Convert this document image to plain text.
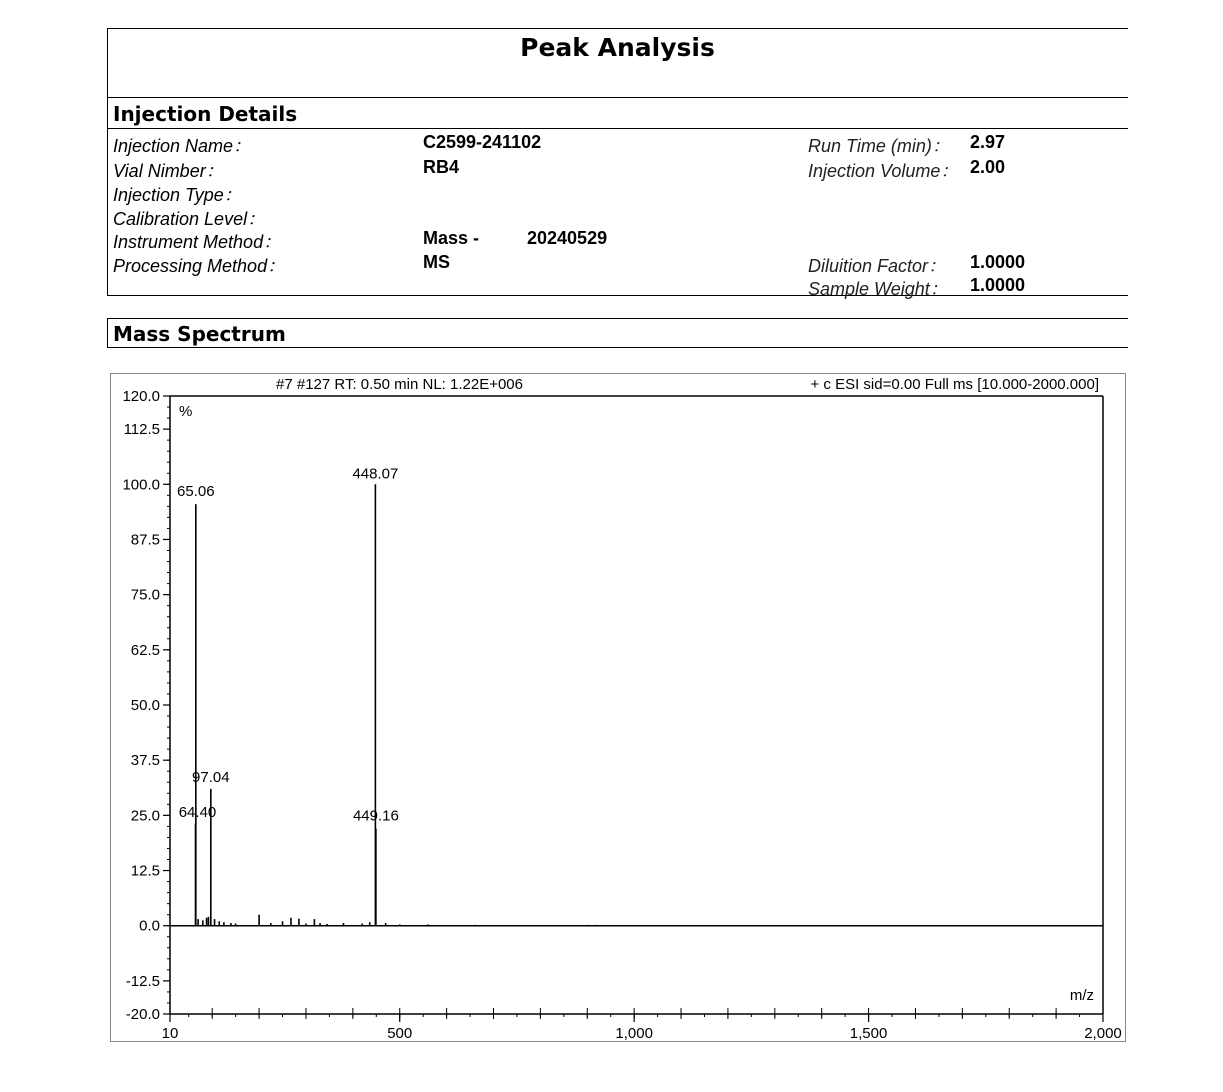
Peak Analysis
Injection Details
Injection Name：	C2599-241102
Vial Nimber：	RB4
Injection Type：
Calibration Level：
Instrument Method：	Mass -	20240529
Processing Method：	MS
Run Time (min)： 2.97
Injection Volume： 2.00
Diluition Factor： 1.0000
Sample Weight： 1.0000
Mass Spectrum
#7 #127 RT: 0.50 min NL: 1.22E+006	+ c ESI sid=0.00 Full ms [10.000-2000.000]
%
m/z
120.0
112.5
100.0
87.5
75.0
62.5
50.0
37.5
25.0
12.5
0.0
-12.5
-20.0
10	500	1,000	1,500	2,000
64.40
65.06
97.04
448.07
449.16
